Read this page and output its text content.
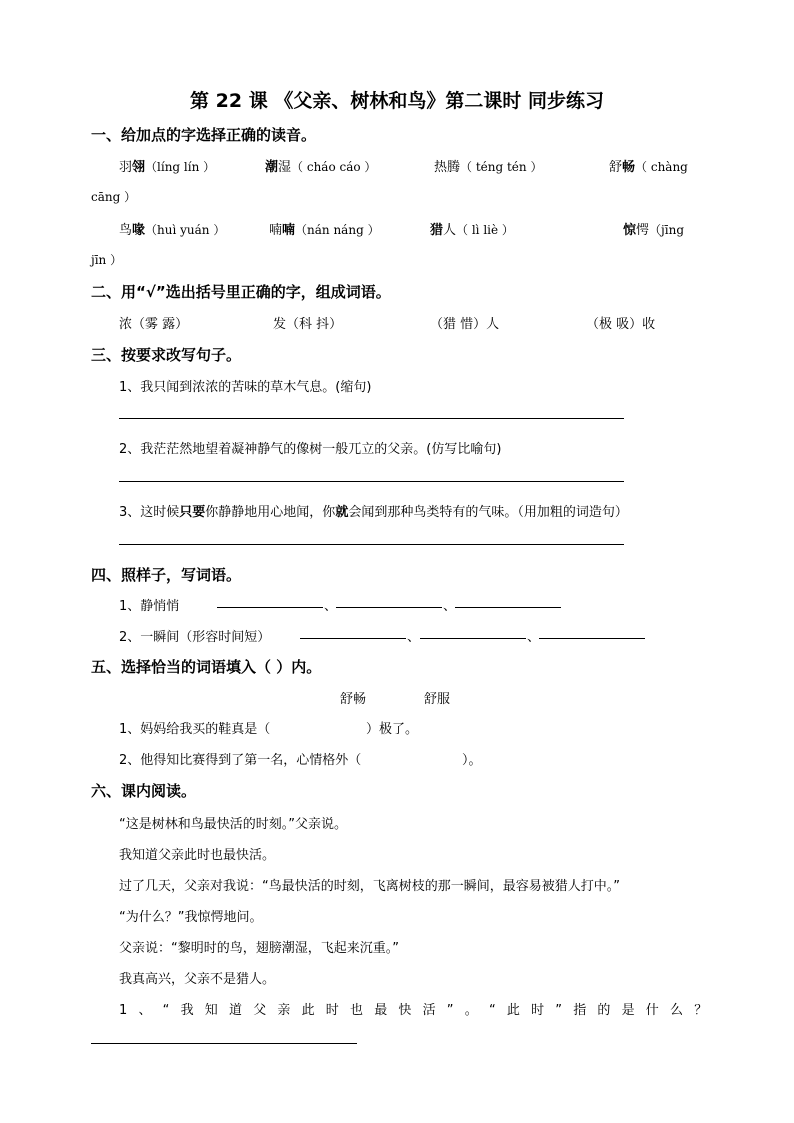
第 22 课 《父亲、树林和鸟》第二课时 同步练习
一、给加点的字选择正确的读音。
羽翎（líng lín ）	潮湿（ cháo cáo ）	热腾（ téng tén ）	舒畅（ chàng
cāng ）
鸟喙（huì yuán ）	喃喃（nán náng ）	猎人（ lì liè ）	惊愕（jīng
jīn ）
二、用“√”选出括号里正确的字，组成词语。
浓（雾 露）	发（科 抖）	（猎 惜）人	（极 吸）收
三、按要求改写句子。
1、我只闻到浓浓的苦味的草木气息。(缩句)
2、我茫茫然地望着凝神静气的像树一般兀立的父亲。(仿写比喻句)
3、这时候只要你静静地用心地闻，你就会闻到那种鸟类特有的气味。（用加粗的词造句）
四、照样子，写词语。
1、静悄悄	、	、
2、一瞬间（形容时间短）	、	、
五、选择恰当的词语填入（ ）内。
舒畅	舒服
1、妈妈给我买的鞋真是（	）极了。
2、他得知比赛得到了第一名，心情格外（	）。
六、课内阅读。
“这是树林和鸟最快活的时刻。”父亲说。
我知道父亲此时也最快活。
过了几天，父亲对我说：“鸟最快活的时刻，飞离树枝的那一瞬间，最容易被猎人打中。”
“为什么？”我惊愕地问。
父亲说：“黎明时的鸟，翅膀潮湿，飞起来沉重。”
我真高兴，父亲不是猎人。
1、“我知道父亲此时也最快活”。“此时”指的是什么？
